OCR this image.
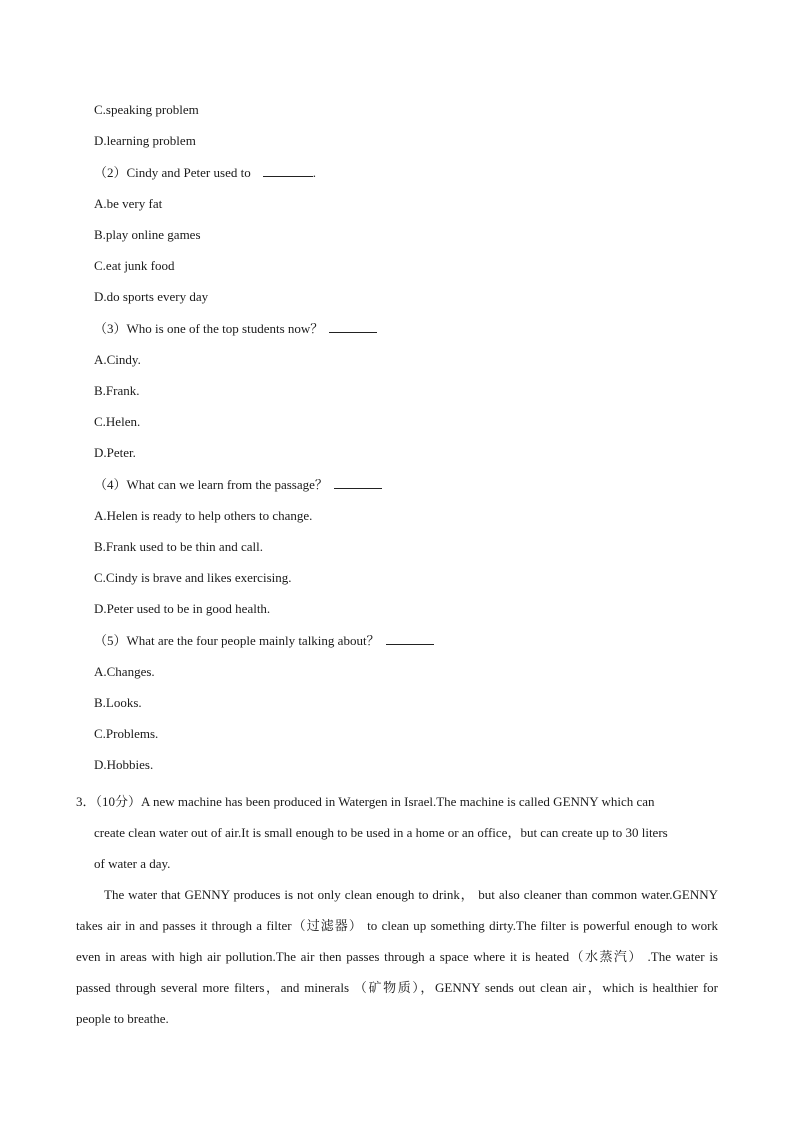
C.speaking problem
D.learning problem
（2）Cindy and Peter used to	.
A.be very fat
B.play online games
C.eat junk food
D.do sports every day
（3）Who is one of the top students now？
A.Cindy.
B.Frank.
C.Helen.
D.Peter.
（4）What can we learn from the passage？
A.Helen is ready to help others to change.
B.Frank used to be thin and call.
C.Cindy is brave and likes exercising.
D.Peter used to be in good health.
（5）What are the four people mainly talking about？
A.Changes.
B.Looks.
C.Problems.
D.Hobbies.
3．（10分）A new machine has been produced in Watergen in Israel.The machine is called GENNY which can
create clean water out of air.It is small enough to be used in a home or an office，but can create up to 30 liters
of water a day.
The water that GENNY produces is not only clean enough to drink， but also cleaner than common water.GENNY takes air in and passes it through a filter（过滤器） to clean up something dirty.The filter is powerful enough to work even in areas with high air pollution.The air then passes through a space where it is heated（水蒸汽） .The water is passed through several more filters，and minerals （矿物质），GENNY sends out clean air，which is healthier for people to breathe.
